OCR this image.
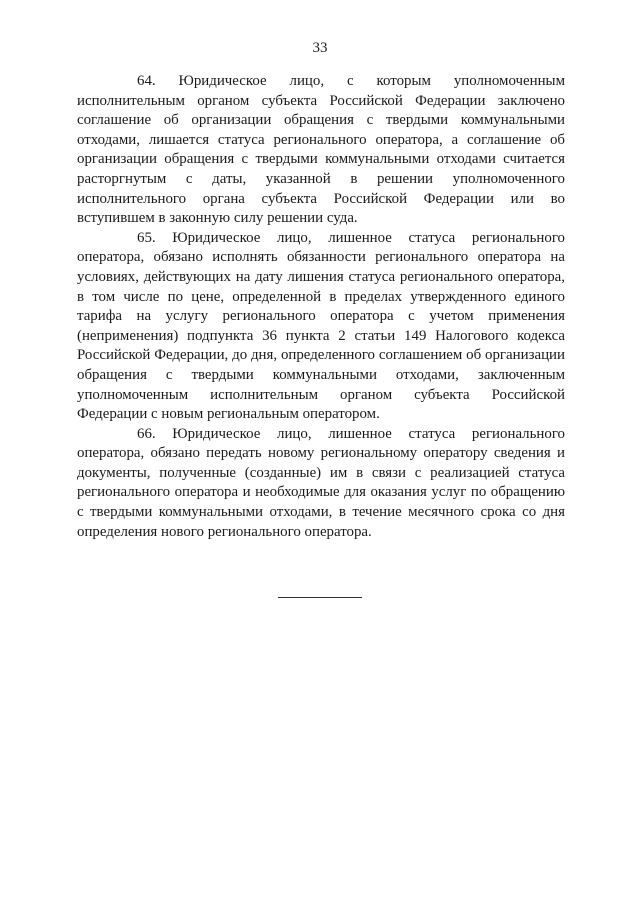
33

64. Юридическое лицо, с которым уполномоченным исполнительным органом субъекта Российской Федерации заключено соглашение об организации обращения с твердыми коммунальными отходами, лишается статуса регионального оператора, а соглашение об организации обращения с твердыми коммунальными отходами считается расторгнутым с даты, указанной в решении уполномоченного исполнительного органа субъекта Российской Федерации или во вступившем в законную силу решении суда.

65. Юридическое лицо, лишенное статуса регионального оператора, обязано исполнять обязанности регионального оператора на условиях, действующих на дату лишения статуса регионального оператора, в том числе по цене, определенной в пределах утвержденного единого тарифа на услугу регионального оператора с учетом применения (неприменения) подпункта 36 пункта 2 статьи 149 Налогового кодекса Российской Федерации, до дня, определенного соглашением об организации обращения с твердыми коммунальными отходами, заключенным уполномоченным исполнительным органом субъекта Российской Федерации с новым региональным оператором.

66. Юридическое лицо, лишенное статуса регионального оператора, обязано передать новому региональному оператору сведения и документы, полученные (созданные) им в связи с реализацией статуса регионального оператора и необходимые для оказания услуг по обращению с твердыми коммунальными отходами, в течение месячного срока со дня определения нового регионального оператора.
